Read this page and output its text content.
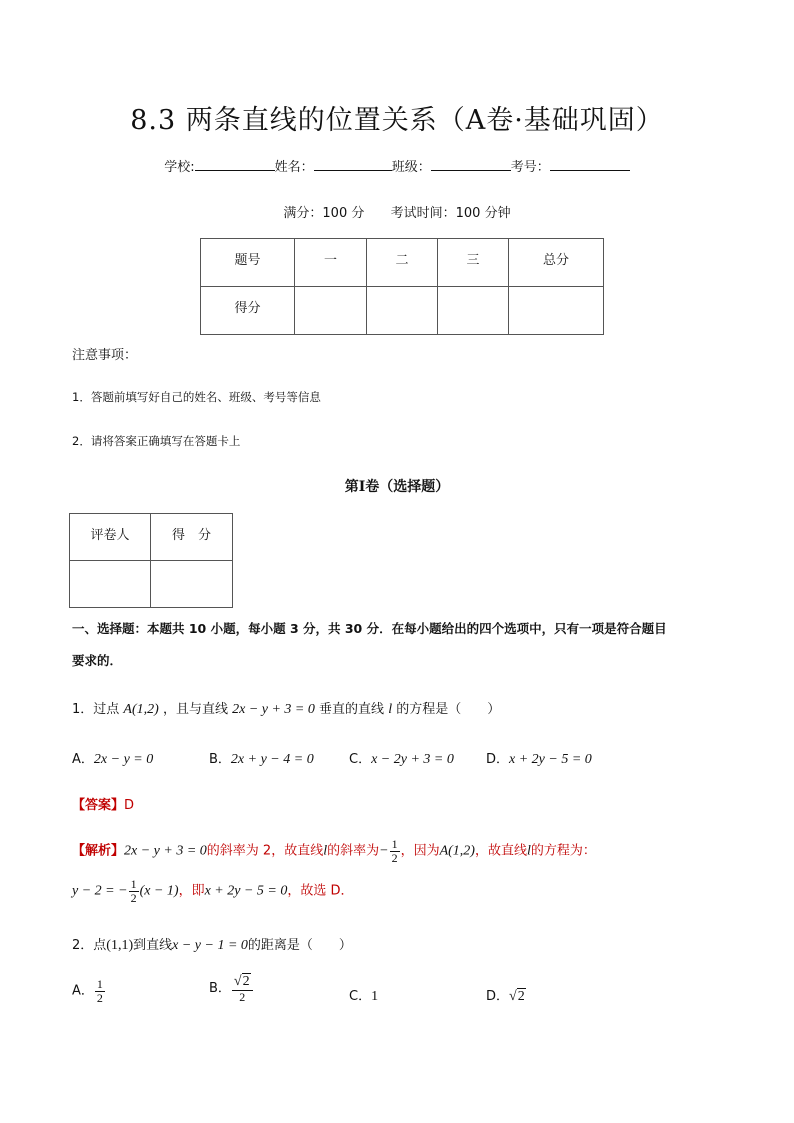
8.3 两条直线的位置关系（A卷·基础巩固）
学校:	姓名：	班级：	考号：
满分：100 分 考试时间：100 分钟
题号	一	二	三	总分
得分				
注意事项：
1．答题前填写好自己的姓名、班级、考号等信息
2．请将答案正确填写在答题卡上
第I卷（选择题）
评卷人	得　分

一、选择题：本题共 10 小题，每小题 3 分，共 30 分．在每小题给出的四个选项中，只有一项是符合题目
要求的．
1．过点 A(1,2) ，且与直线 2x − y + 3 = 0 垂直的直线 l 的方程是（　　）
A．2x − y = 0	B．2x + y − 4 = 0	C．x − 2y + 3 = 0 D．x + 2y − 5 = 0
【答案】D
【解析】2x − y + 3 = 0的斜率为 2，故直线l的斜率为− $\frac{1}{2}$ ，因为A(1,2)，故直线l的方程为：
y − 2 = − $\frac{1}{2} (x - 1)$，即x + 2y − 5 = 0，故选 D．
2．点(1,1)到直线x − y − 1 = 0的距离是（　　）
A． $\frac{1}{2}$	B． $\frac{√2}{2}$	C．1	D．√2
